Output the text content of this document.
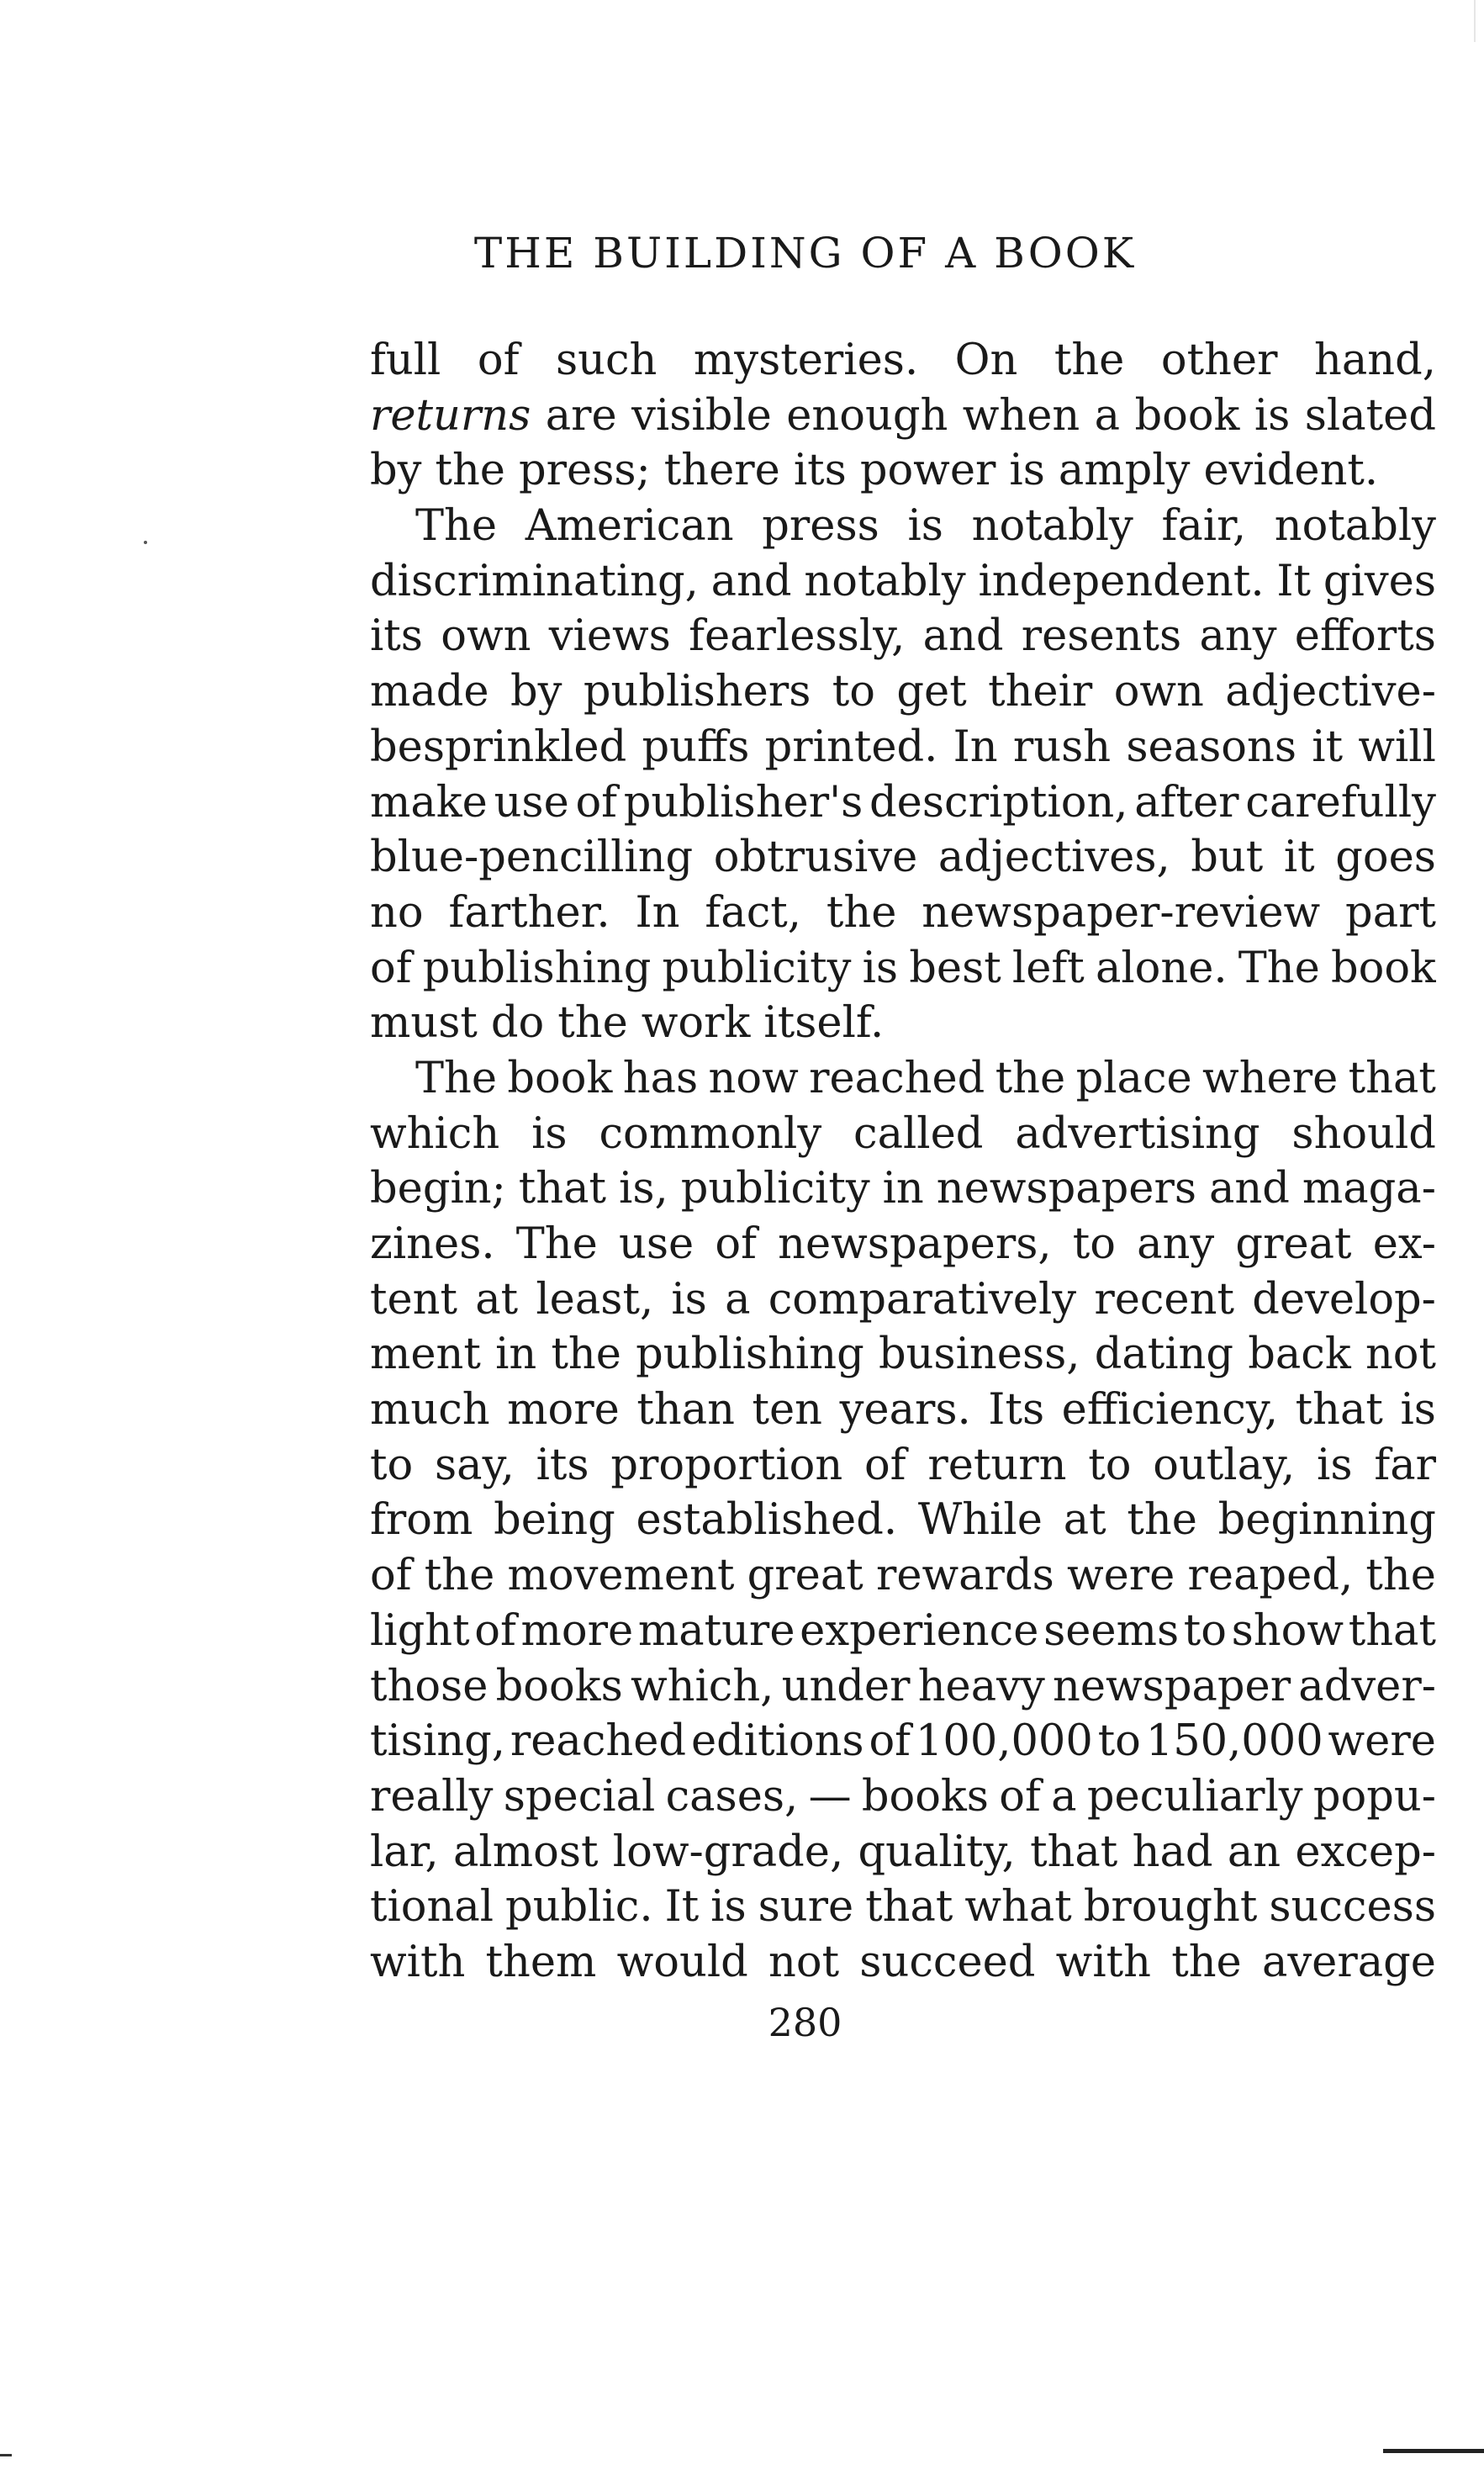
THE BUILDING OF A BOOK
full of such mysteries. On the other hand,
returns are visible enough when a book is slated
by the press; there its power is amply evident.
The American press is notably fair, notably
discriminating, and notably independent. It gives
its own views fearlessly, and resents any efforts
made by publishers to get their own adjective-
besprinkled puffs printed. In rush seasons it will
make use of publisher's description, after carefully
blue-pencilling obtrusive adjectives, but it goes
no farther. In fact, the newspaper-review part
of publishing publicity is best left alone. The book
must do the work itself.
The book has now reached the place where that
which is commonly called advertising should
begin; that is, publicity in newspapers and maga-
zines. The use of newspapers, to any great ex-
tent at least, is a comparatively recent develop-
ment in the publishing business, dating back not
much more than ten years. Its efficiency, that is
to say, its proportion of return to outlay, is far
from being established. While at the beginning
of the movement great rewards were reaped, the
light of more mature experience seems to show that
those books which, under heavy newspaper adver-
tising, reached editions of 100,000 to 150,000 were
really special cases, — books of a peculiarly popu-
lar, almost low-grade, quality, that had an excep-
tional public. It is sure that what brought success
with them would not succeed with the average
280
